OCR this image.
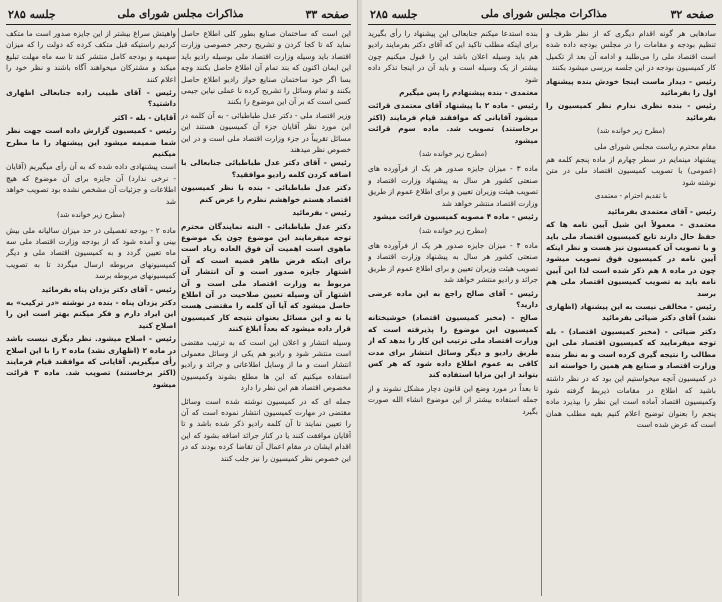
صفحه ۳۳
مذاکرات مجلس شورای ملی
جلسه ۲۸۵
این است که ساختمان صنایع بطور کلی اطلاع حاصل نماید که تا کجا کردن و تشریح رحجر خصوصی وزارت اقتصاد باید وسیله وزارت اقتصاد ملی بوسیله رادیو باید این ایمان اکنون که بند تمام آن اطلاع حاصل بکنند وچه بسا اگر خود ساختمان صنایع خواز رادیو اطلاع حاصل بکنند و تمام وسائل را تشریح کرده نا عملی نیاین جیمی کسی است که بر آن این موضوع را بکنند
وزیر اقتصاد ملی - دکتر عدل طباطبائی - به آن کلمه در این مورد نظر آقایان جزء آن کمیسیون هستند این مسائل تقریباً در جزء وزارت اقتصاد ملی است و در این خصوص نظر میدهند
رئیس - آقای دکتر عدل طباطبائی جنابعالی با اضافه کردن کلمه رادیو موافقید؟
دکتر عدل طباطبائی - بنده با نظر کمیسیون اقتصاد هستم خواهشم نظرم را عرض کنم
رئیس - بفرمائید
دکتر عدل طباطبائی - البته نمایندگان محترم توجه میفرمایند این موضوع چون یک موضوع ماهوی است اهمیت آن فوق العاده زیاد است برای اینکه فرض ظاهر قضیه است که آن اشتهار جایزه صدور است و آن انتشار آن مربوط به وزارت اقتصاد ملی است و آن اشتهار آن وسیله تعیین صلاحیت در آن اطلاع حاصل میشود که آیا آن کلمه را مقتضی هست یا نه و این مسائل بعنوان نتیجه کار کمیسیون قرار داده میشود که بعداً ابلاغ کنند
وسیله انتشار و اعلان این است که به ترتیب مقتضی است منتشر شود و رادیو هم یکی از وسائل معمولی انتشار است و ما از وسایل اطلاعاتی و جرائد و رادیو استفاده میکنیم که این ها مطلع بشوند وکمیسیون مخصوص اقتصاد هم این نظر را دارد
جمله ای که در کمیسیون نوشته شده است وسائل مقتضی در مهارت کمیسیون انتشار نموده است که آن را تعیین نمایند تا آن کلمه رادیو ذکر شده باشد و تا آقایان موافقت کنند یا در کنار جرائد اضافه بشود که این اقدام ایشان در مقام اعمال آن تقاضا کرده بودند که در این خصوص نظر کمیسیون را نیز جلب کنند
واهیتش سراغ بیشتر از این جایزه صدور است ما متکف کردیم راستیکه قبل متکف کرده که دولت را که میزان سهمیه و بودجه کامل منتشر کند تا سه ماه مهلت تبلیغ میکند و مشترکان میخواهند آگاه باشند و نظر خود را اعلام کنند
رئیس - آقای طبیب زاده جنابعالی اظهاری داشتید؟
آقایان - بله - اکثر
رئیس - کمیسیون گزارش داده است جهت نظر شما ضمیمه میشود این پیشنهاد را ما مطرح میکنیم
است پیشنهادی داده شده که به آن رأی میگیریم (آقایان - نرخی ندارد) آن جایزه برای آن موضوع که هیچ اطلاعات و جزئیات آن مشخص نشده بود تصویب خواهد شد
(مطرح زیر خوانده شد)
ماده ۲ - بودجه تفصیلی در حد میزان سالیانه ملی بیش بینی و آمده شود که از بودجه وزارت اقتصاد ملی سه ماه تعیین گردد و به کمیسیون اقتصاد ملی و دیگر کمیسیونهای مربوطه ارسال میگردد تا به تصویب کمیسیونهای مربوطه برسد
رئیس - آقای دکتر یزدان پناه بفرمائید
دکتر یزدان پناه - بنده در نوشته «در ترکیب» به این ایراد دارم و فکر میکنم بهتر است این را اصلاح کنید
رئیس - اصلاح میشود. نظر دیگری نیست باشد در ماده ۲ (اظهاری نشد) ماده ۲ را با این اصلاح رأی میگیریم. آقایانی که موافقند قیام فرمایند (اکثر برخاستند) تصویب شد. ماده ۳ قرائت میشود
صفحه ۳۲
مذاکرات مجلس شورای ملی
جلسه ۲۸۵
سادهایی هر گونه اقدام دیگری که از نظر ظرف و تنظیم بودجه و مقامات را در مجلس بودجه داده شده است اقتصاد ملی را می‌طلبد و ادامه آن بعد از تکمیل کار کمیسیون بودجه در این جلسه بررسی میشود بکنند
رئیس - دیدار ماست اینجا خودش بنده پیشنهاد اول را بفرمائید
رئیس - بنده نظری ندارم نظر کمیسیون را بفرمائید
(مطرح زیر خوانده شد)
مقام محترم ریاست مجلس شورای ملی
پیشنهاد مینمایم در سطر چهارم از ماده پنجم کلمه هم (عمومی) با تصویب کمیسیون اقتصاد ملی در متن نوشته شود
با تقدیم احترام - معتمدی
رئیس - آقای معتمدی بفرمائید
معتمدی - معمولاً این شیل آیین نامه ها که حفظ حال دارند تابع کمیسیون اقتصاد ملی باید و با تصویب آن کمیسیون نیز هست و نظر اینکه آیین نامه در کمیسیون فوق تصویب میشود چون در ماده ۸ هم ذکر شده است لذا این آیین نامه باید به تصویب کمیسیون اقتصاد ملی هم برسد
رئیس - مخالفی نیست به این پیشنهاد (اظهاری نشد) آقای دکتر ضیائی بفرمائید
دکتر ضیائی - (مخبر کمیسیون اقتصاد) - بله توجه میفرمایید که کمیسیون اقتصاد ملی این مطالب را نتیجه گیری کرده است و به نظر بنده وزارت اقتصاد و صنایع هم همین را خواسته اند
در کمیسیون آنچه میخواستیم این بود که در نظر داشته باشید که اطلاع در مقامات ذیربط گرفته شود وکمیسیون اقتصاد آماده است این نظر را بپذیرد ماده پنجم را بعنوان توضیح اعلام کنیم بقیه مطلب همان است که عرض شده است
بنده استدعا میکنم جنابعالی این پیشنهاد را رأی بگیرید برای اینکه مطلب تاکید این که آقای دکتر بفرمایند رادیو هم باید وسیله اعلان باشد این را قبول میکنیم چون بیشتر از یک وسیله است و باید آن در اینجا تذکر داده شود
معتمدی - بنده پیشنهادم را پس میگیرم
رئیس - ماده ۲ با پیشنهاد آقای معتمدی قرائت میشود آقایانی که موافقند قیام فرمایند (اکثر برخاستند) تصویب شد. ماده سوم قرائت میشود
(مطرح زیر خوانده شد)
ماده ۳ - میزان جایزه صدور هر یک از فرآورده های صنعتی کشور هر سال به پیشنهاد وزارت اقتصاد و تصویب هیئت وزیران تعیین و برای اطلاع عموم از طریق وزارت اقتصاد منتشر خواهد شد
رئیس - ماده ۴ مصوبه کمیسیون قرائت میشود
(مطرح زیر خوانده شد)
ماده ۴ - میزان جایزه صدور هر یک از فرآورده های صنعتی کشور هر سال به پیشنهاد وزارت اقتصاد و تصویب هیئت وزیران تعیین و برای اطلاع عموم از طریق جرائد و رادیو منتشر خواهد شد
رئیس - آقای صالح راجع به این ماده عرضی دارید؟
صالح - (مخبر کمیسیون اقتصاد) خوشبختانه کمیسیون این موضوع را پذیرفته است که وزارت اقتصاد ملی ترتیب این کار را بدهد که از طریق رادیو و دیگر وسائل انتشار برای مدت کافی به عموم اطلاع داده شود که هر کس بتواند از این مزایا استفاده کند
تا بعداً در مورد وضع این قانون دچار مشکل نشوند و از جمله استفاده بیشتر از این موضوع انشاء الله صورت بگیرد
